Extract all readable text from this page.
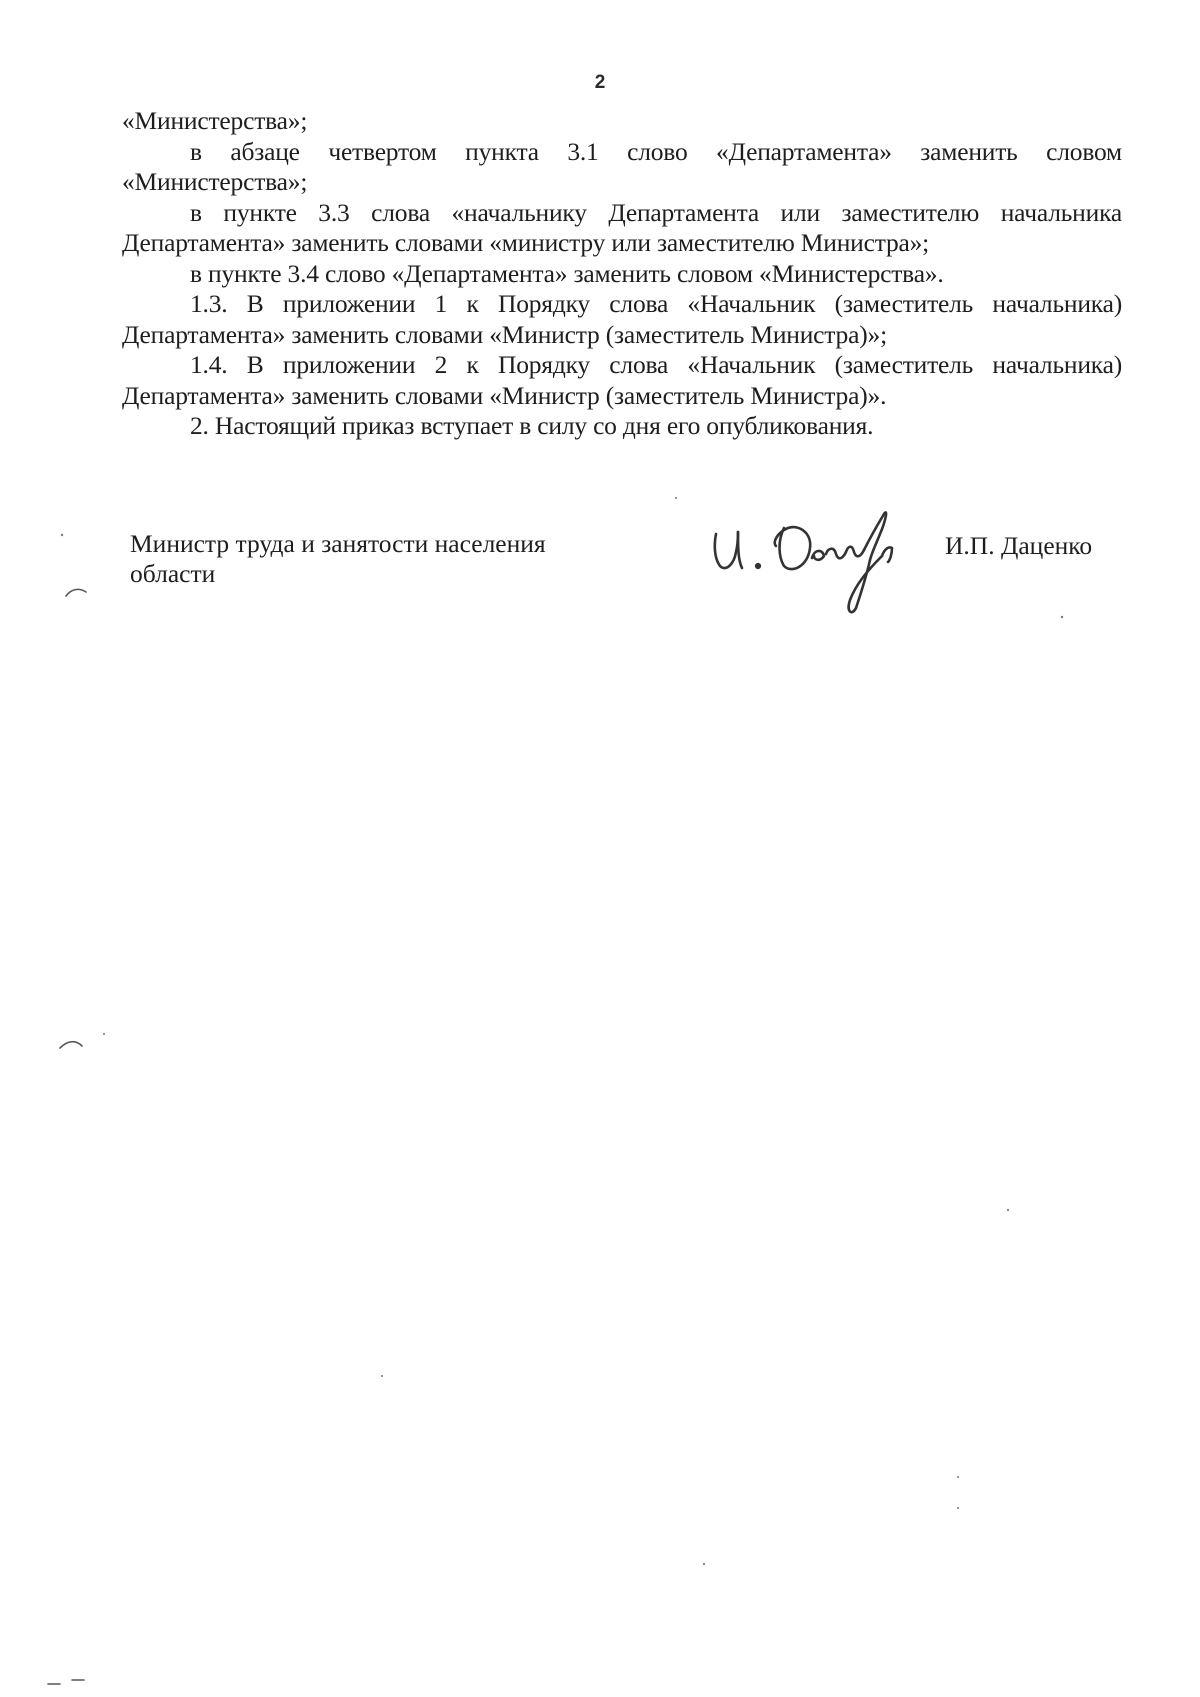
2

«Министерства»;

в абзаце четвертом пункта 3.1 слово «Департамента» заменить словом «Министерства»;

в пункте 3.3 слова «начальнику Департамента или заместителю начальника Департамента» заменить словами «министру или заместителю Министра»;

в пункте 3.4 слово «Департамента» заменить словом «Министерства».

1.3. В приложении 1 к Порядку слова «Начальник (заместитель начальника) Департамента» заменить словами «Министр (заместитель Министра)»;

1.4. В приложении 2 к Порядку слова «Начальник (заместитель начальника) Департамента» заменить словами «Министр (заместитель Министра)».

2. Настоящий приказ вступает в силу со дня его опубликования.

Министр труда и занятости населения
области
И.П. Даценко
